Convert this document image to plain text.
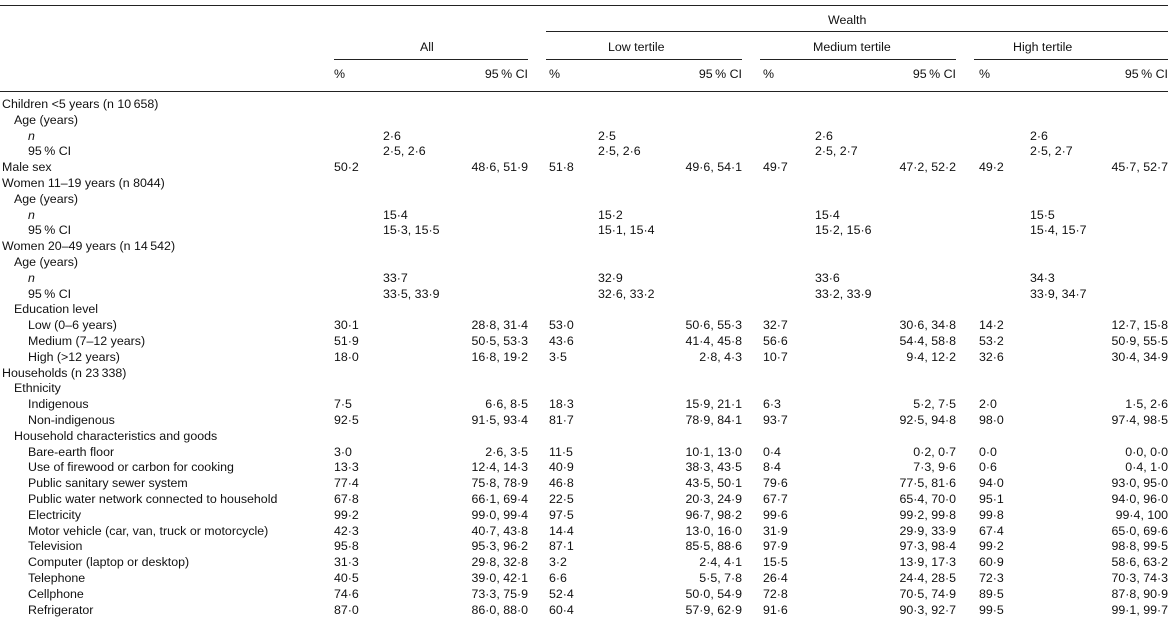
Wealth
All	Low tertile	Medium tertile	High tertile
%	95 % CI %	95 % CI %	95 % CI %	95 % CI
Children <5 years (n 10 658)
Age (years)
n	2·6	2·5	2·6	2·6
95 % CI	2·5, 2·6	2·5, 2·6	2·5, 2·7	2·5, 2·7
Male sex	50·2	48·6, 51·9 51·8	49·6, 54·1 49·7	47·2, 52·2 49·2	45·7, 52·7
Women 11–19 years (n 8044)
Age (years)
n	15·4	15·2	15·4	15·5
95 % CI	15·3, 15·5	15·1, 15·4	15·2, 15·6	15·4, 15·7
Women 20–49 years (n 14 542)
Age (years)
n	33·7	32·9	33·6	34·3
95 % CI	33·5, 33·9	32·6, 33·2	33·2, 33·9	33·9, 34·7
Education level
Low (0–6 years)	30·1	28·8, 31·4 53·0	50·6, 55·3 32·7	30·6, 34·8 14·2	12·7, 15·8
Medium (7–12 years)	51·9	50·5, 53·3 43·6	41·4, 45·8 56·6	54·4, 58·8 53·2	50·9, 55·5
High (>12 years)	18·0	16·8, 19·2 3·5	2·8, 4·3 10·7	9·4, 12·2 32·6	30·4, 34·9
Households (n 23 338)
Ethnicity
Indigenous	7·5	6·6, 8·5 18·3	15·9, 21·1 6·3	5·2, 7·5 2·0	1·5, 2·6
Non-indigenous	92·5	91·5, 93·4 81·7	78·9, 84·1 93·7	92·5, 94·8 98·0	97·4, 98·5
Household characteristics and goods
Bare-earth floor	3·0	2·6, 3·5 11·5	10·1, 13·0 0·4	0·2, 0·7 0·0	0·0, 0·0
Use of firewood or carbon for cooking	13·3	12·4, 14·3 40·9	38·3, 43·5 8·4	7·3, 9·6 0·6	0·4, 1·0
Public sanitary sewer system	77·4	75·8, 78·9 46·8	43·5, 50·1 79·6	77·5, 81·6 94·0	93·0, 95·0
Public water network connected to household	67·8	66·1, 69·4 22·5	20·3, 24·9 67·7	65·4, 70·0 95·1	94·0, 96·0
Electricity	99·2	99·0, 99·4 97·5	96·7, 98·2 99·6	99·2, 99·8 99·8	99·4, 100
Motor vehicle (car, van, truck or motorcycle)	42·3	40·7, 43·8 14·4	13·0, 16·0 31·9	29·9, 33·9 67·4	65·0, 69·6
Television	95·8	95·3, 96·2 87·1	85·5, 88·6 97·9	97·3, 98·4 99·2	98·8, 99·5
Computer (laptop or desktop)	31·3	29·8, 32·8 3·2	2·4, 4·1 15·5	13·9, 17·3 60·9	58·6, 63·2
Telephone	40·5	39·0, 42·1 6·6	5·5, 7·8 26·4	24·4, 28·5 72·3	70·3, 74·3
Cellphone	74·6	73·3, 75·9 52·4	50·0, 54·9 72·8	70·5, 74·9 89·5	87·8, 90·9
Refrigerator	87·0	86·0, 88·0 60·4	57·9, 62·9 91·6	90·3, 92·7 99·5	99·1, 99·7
